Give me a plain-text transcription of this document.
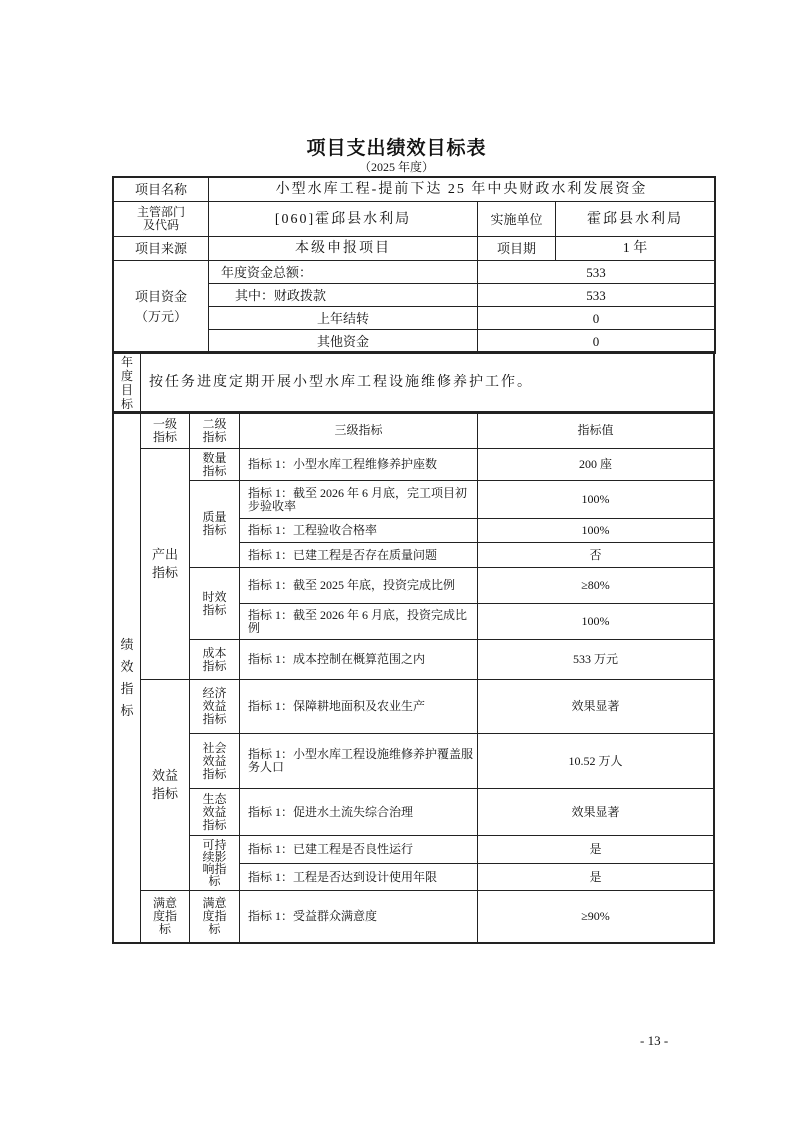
项目支出绩效目标表
（2025 年度）
项目名称	小型水库工程-提前下达 25 年中央财政水利发展资金		
主管部门及代码	[060]霍邱县水利局	实施单位	霍邱县水利局
项目来源	本级申报项目	项目期	1 年
项目资金（万元）	年度资金总额：	533	
	其中：财政拨款	533	
	上年结转	0	
	其他资金	0	
年度目标	按任务进度定期开展小型水库工程设施维修养护工作。
绩效指标	一级指标	二级指标	三级指标	指标值
	产出指标	数量指标	指标 1：小型水库工程维修养护座数	200 座
		质量指标	指标 1：截至 2026 年 6 月底，完工项目初步验收率	100%
			指标 1：工程验收合格率	100%
			指标 1：已建工程是否存在质量问题	否
		时效指标	指标 1：截至 2025 年底，投资完成比例	≥80%
			指标 1：截至 2026 年 6 月底，投资完成比例	100%
		成本指标	指标 1：成本控制在概算范围之内	533 万元
	效益指标	经济效益指标	指标 1：保障耕地面积及农业生产	效果显著
		社会效益指标	指标 1：小型水库工程设施维修养护覆盖服务人口	10.52 万人
		生态效益指标	指标 1：促进水土流失综合治理	效果显著
		可持续影响指标	指标 1：已建工程是否良性运行	是
			指标 1：工程是否达到设计使用年限	是
	满意度指标	满意度指标	指标 1：受益群众满意度	≥90%
- 13 -
